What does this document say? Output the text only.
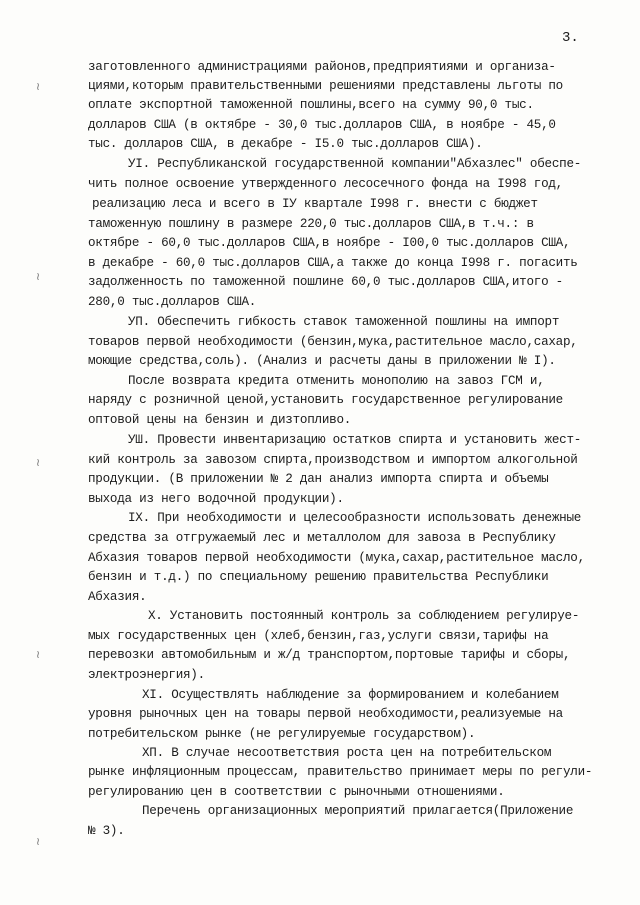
3.
≀
≀
≀
≀
≀
заготовленного администрациями районов,предприятиями и организа-
циями,которым правительственными решениями представлены льготы по
оплате экспортной таможенной пошлины,всего на сумму 90,0 тыс.
долларов США (в октябре - 30,0 тыс.долларов США, в ноябре - 45,0
тыс. долларов США, в декабре - I5.0 тыс.долларов США).
УI. Республиканской государственной компании"Абхазлес" обеспе-
чить полное освоение утвержденного лесосечного фонда на I998 год,
реализацию леса и всего в IУ квартале I998 г. внести с бюджет
таможенную пошлину в размере 220,0 тыс.долларов США,в т.ч.: в
октябре - 60,0 тыс.долларов США,в ноябре - I00,0 тыс.долларов США,
в декабре - 60,0 тыс.долларов США,а также до конца I998 г. погасить
задолженность по таможенной пошлине 60,0 тыс.долларов США,итого -
280,0 тыс.долларов США.
УП. Обеспечить гибкость ставок таможенной пошлины на импорт
товаров первой необходимости (бензин,мука,растительное масло,сахар,
моющие средства,соль). (Анализ и расчеты даны в приложении № I).
После возврата кредита отменить монополию на завоз ГСМ и,
наряду с розничной ценой,установить государственное регулирование
оптовой цены на бензин и дизтопливо.
УШ. Провести инвентаризацию остатков спирта и установить жест-
кий контроль за завозом спирта,производством и импортом алкогольной
продукции. (В приложении № 2 дан анализ импорта спирта и объемы
выхода из него водочной продукции).
IX. При необходимости и целесообразности использовать денежные
средства за отгружаемый лес и металлолом для завоза в Республику
Абхазия товаров первой необходимости (мука,сахар,растительное масло,
бензин и т.д.) по специальному решению правительства Республики
Абхазия.
X. Установить постоянный контроль за соблюдением регулируе-
мых государственных цен (хлеб,бензин,газ,услуги связи,тарифы на
перевозки автомобильным и ж/д транспортом,портовые тарифы и сборы,
электроэнергия).
XI. Осуществлять наблюдение за формированием и колебанием
уровня рыночных цен на товары первой необходимости,реализуемые на
потребительском рынке (не регулируемые государством).
XП. В случае несоответствия роста цен на потребительском
рынке инфляционным процессам, правительство принимает меры по регули-
регулированию цен в соответствии с рыночными отношениями.
Перечень организационных мероприятий прилагается(Приложение
№ 3).
